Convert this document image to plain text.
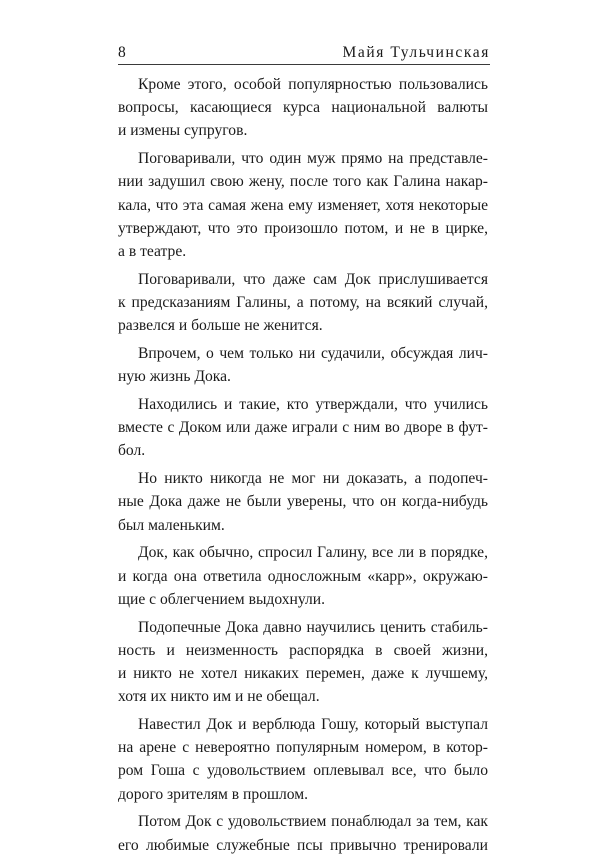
8	Майя Тульчинская
Кроме этого, особой популярностью пользовались
вопросы, касающиеся курса национальной валюты
и измены супругов.
Поговаривали, что один муж прямо на представле-
нии задушил свою жену, после того как Галина накар-
кала, что эта самая жена ему изменяет, хотя некоторые
утверждают, что это произошло потом, и не в цирке,
а в театре.
Поговаривали, что даже сам Док прислушивается
к предсказаниям Галины, а потому, на всякий случай,
развелся и больше не женится.
Впрочем, о чем только ни судачили, обсуждая лич-
ную жизнь Дока.
Находились и такие, кто утверждали, что учились
вместе с Доком или даже играли с ним во дворе в фут-
бол.
Но никто никогда не мог ни доказать, а подопеч-
ные Дока даже не были уверены, что он когда-нибудь
был маленьким.
Док, как обычно, спросил Галину, все ли в порядке,
и когда она ответила односложным «карр», окружаю-
щие с облегчением выдохнули.
Подопечные Дока давно научились ценить стабиль-
ность и неизменность распорядка в своей жизни,
и никто не хотел никаких перемен, даже к лучшему,
хотя их никто им и не обещал.
Навестил Док и верблюда Гошу, который выступал
на арене с невероятно популярным номером, в котор-
ром Гоша с удовольствием оплевывал все, что было
дорого зрителям в прошлом.
Потом Док с удовольствием понаблюдал за тем, как
его любимые служебные псы привычно тренировали
